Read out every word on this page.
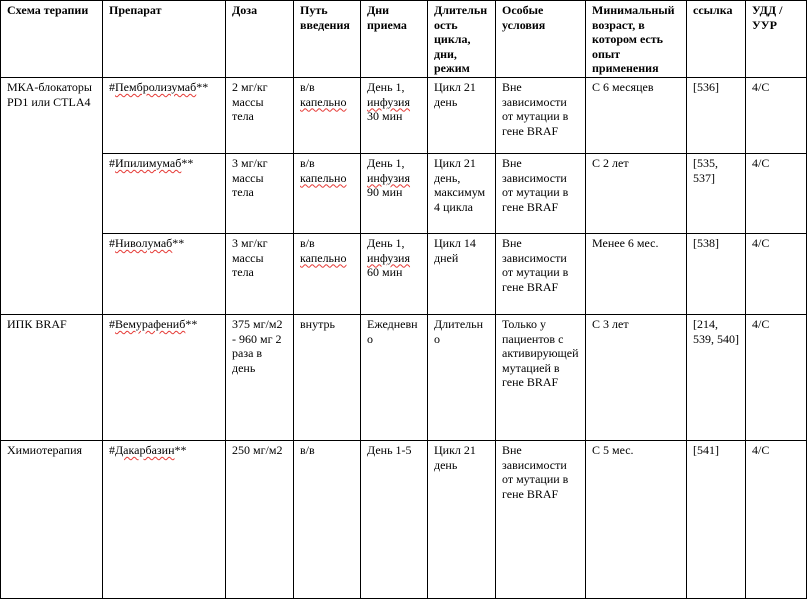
Схема терапии	Препарат	Доза	Путь введения	Дни приема	Длительность цикла, дни, режим	Особые условия	Минимальный возраст, в котором есть опыт применения	ссылка	УДД / УУР
МКА-блокаторы PD1 или CTLA4	#Пембролизумаб**	2 мг/кг массы тела	в/в капельно	День 1, инфузия 30 мин	Цикл 21 день	Вне зависимости от мутации в гене BRAF	С 6 месяцев	[536]	4/С
	#Ипилимумаб**	3 мг/кг массы тела	в/в капельно	День 1, инфузия 90 мин	Цикл 21 день, максимум 4 цикла	Вне зависимости от мутации в гене BRAF	С 2 лет	[535, 537]	4/С
	#Ниволумаб**	3 мг/кг массы тела	в/в капельно	День 1, инфузия 60 мин	Цикл 14 дней	Вне зависимости от мутации в гене BRAF	Менее 6 мес.	[538]	4/С
ИПК BRAF	#Вемурафениб**	375 мг/м2 - 960 мг 2 раза в день	внутрь	Ежедневно	Длительно	Только у пациентов с активирующей мутацией в гене BRAF	С 3 лет	[214, 539, 540]	4/С
Химиотерапия	#Дакарбазин**	250 мг/м2	в/в	День 1-5	Цикл 21 день	Вне зависимости от мутации в гене BRAF	С 5 мес.	[541]	4/С
